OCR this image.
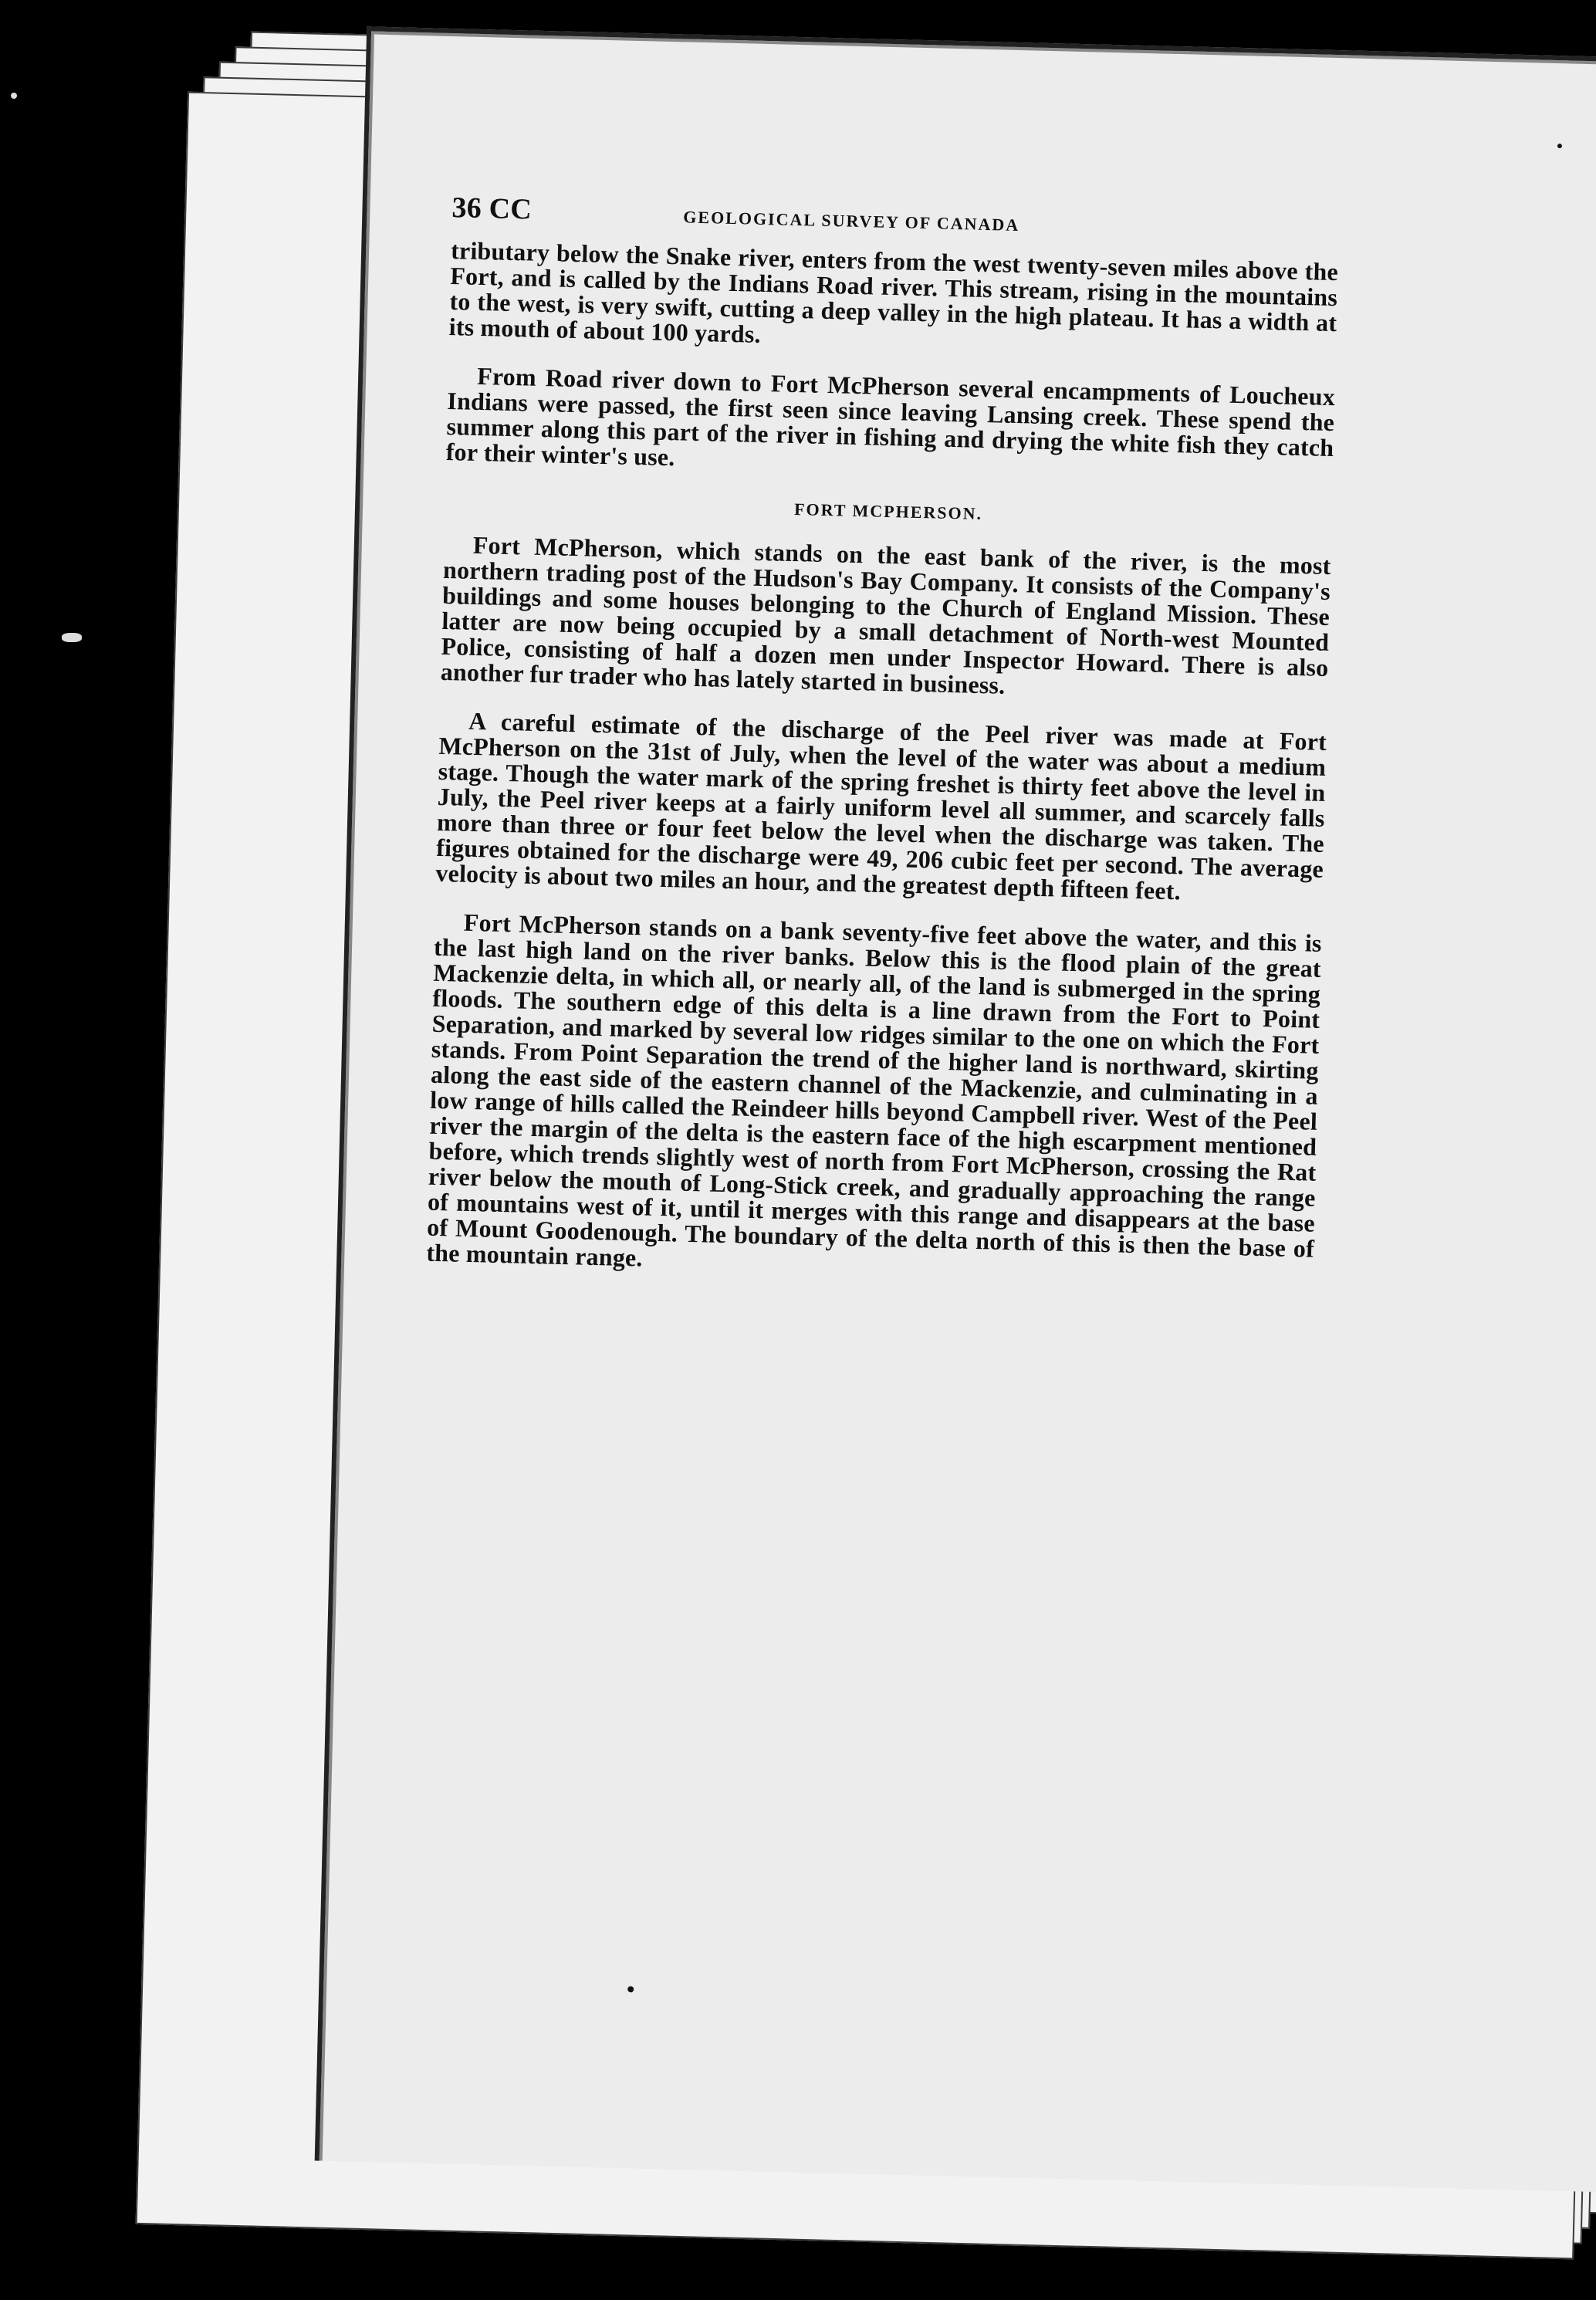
36 CC	GEOLOGICAL SURVEY OF CANADA

tributary below the Snake river, enters from the west twenty-seven miles above the Fort, and is called by the Indians Road river. This stream, rising in the mountains to the west, is very swift, cutting a deep valley in the high plateau. It has a width at its mouth of about 100 yards.

From Road river down to Fort McPherson several encampments of Loucheux Indians were passed, the first seen since leaving Lansing creek. These spend the summer along this part of the river in fishing and drying the white fish they catch for their winter's use.

FORT MCPHERSON.

Fort McPherson, which stands on the east bank of the river, is the most northern trading post of the Hudson's Bay Company. It consists of the Company's buildings and some houses belonging to the Church of England Mission. These latter are now being occupied by a small detachment of North-west Mounted Police, consisting of half a dozen men under Inspector Howard. There is also another fur trader who has lately started in business.

A careful estimate of the discharge of the Peel river was made at Fort McPherson on the 31st of July, when the level of the water was about a medium stage. Though the water mark of the spring freshet is thirty feet above the level in July, the Peel river keeps at a fairly uniform level all summer, and scarcely falls more than three or four feet below the level when the discharge was taken. The figures obtained for the discharge were 49, 206 cubic feet per second. The average velocity is about two miles an hour, and the greatest depth fifteen feet.

Fort McPherson stands on a bank seventy-five feet above the water, and this is the last high land on the river banks. Below this is the flood plain of the great Mackenzie delta, in which all, or nearly all, of the land is submerged in the spring floods. The southern edge of this delta is a line drawn from the Fort to Point Separation, and marked by several low ridges similar to the one on which the Fort stands. From Point Separation the trend of the higher land is northward, skirting along the east side of the eastern channel of the Mackenzie, and culminating in a low range of hills called the Reindeer hills beyond Campbell river. West of the Peel river the margin of the delta is the eastern face of the high escarpment mentioned before, which trends slightly west of north from Fort McPherson, crossing the Rat river below the mouth of Long-Stick creek, and gradually approaching the range of mountains west of it, until it merges with this range and disappears at the base of Mount Goodenough. The boundary of the delta north of this is then the base of the mountain range.
